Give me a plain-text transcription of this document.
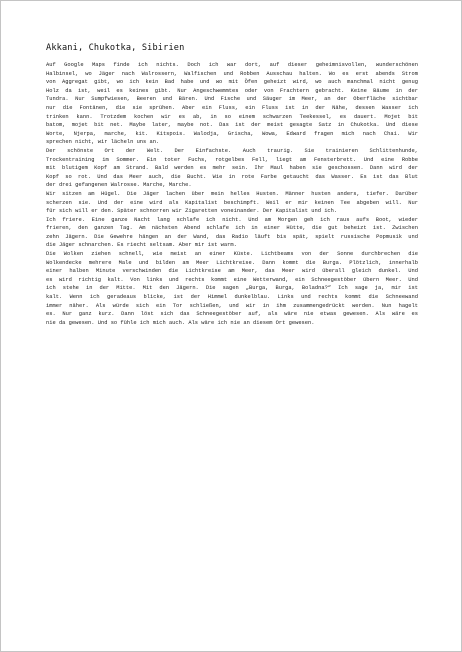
Akkani, Chukotka, Sibirien
Auf Google Maps finde ich nichts. Doch ich war dort, auf dieser geheimnisvollen, wunderschönen
Halbinsel, wo Jäger nach Walrossern, Walfischen und Robben Ausschau halten. Wo es erst abends Strom
von Aggregat gibt, wo ich kein Bad habe und wo mit Öfen geheizt wird, wo auch manchmal nicht genug
Holz da ist, weil es keines gibt. Nur Angeschwemmtes oder von Frachtern gebracht. Keine Bäume in der
Tundra. Nur Sumpfwiesen, Beeren und Bären. Und Fische und Säuger im Meer, an der Oberfläche sichtbar
nur die Fontänen, die sie sprühen. Aber ein Fluss, ein Fluss ist in der Nähe, dessen Wasser ich
trinken kann. Trotzdem kochen wir es ab, in so einem schwarzen Teekessel, es dauert. Mojet bit
batom, mojet bit net. Maybe later, maybe not. Das ist der meist gesagte Satz in Chukotka. Und diese
Worte, Njerpa, marche, kit. Kitspois. Walodja, Grischa, Wowa, Edward fragen mich nach Chai. Wir
sprechen nicht, wir lächeln uns an.
Der schönste Ort der Welt. Der Einfachste. Auch traurig. Sie trainieren Schlittenhunde,
Trockentraining im Sommer. Ein toter Fuchs, rotgelbes Fell, liegt am Fensterbrett. Und eine Robbe
mit blutigem Kopf am Strand. Bald werden es mehr sein. Ihr Maul haben sie geschossen. Dann wird der
Kopf so rot. Und das Meer auch, die Bucht. Wie in rote Farbe getaucht das Wasser. Es ist das Blut
der drei gefangenen Walrosse. Marche, Marche.
Wir sitzen am Hügel. Die Jäger lachen über mein helles Husten. Männer husten anders, tiefer. Darüber
scherzen sie. Und der eine wird als Kapitalist beschimpft. Weil er mir keinen Tee abgeben will. Nur
für sich will er den. Später schnorren wir Zigaretten voneinander. Der Kapitalist und ich.
Ich friere. Eine ganze Nacht lang schlafe ich nicht. Und am Morgen geh ich raus aufs Boot, wieder
frieren, den ganzen Tag. Am nächsten Abend schlafe ich in einer Hütte, die gut beheizt ist. Zwischen
zehn Jägern. Die Gewehre hängen an der Wand, das Radio läuft bis spät, spielt russische Popmusik und
die Jäger schnarchen. Es riecht seltsam. Aber mir ist warm.
Die Wolken ziehen schnell, wie meist an einer Küste. Lichtbeams von der Sonne durchbrechen die
Wolkendecke mehrere Male und bilden am Meer Lichtkreise. Dann kommt die Burga. Plötzlich, innerhalb
einer halben Minute verschwinden die Lichtkreise am Meer, das Meer wird überall gleich dunkel. Und
es wird richtig kalt. Von links und rechts kommt eine Wetterwand, ein Schneegestöber übern Meer. Und
ich stehe in der Mitte. Mit den Jägern. Die sagen „Burga, Burga, Boladna?“ Ich sage ja, mir ist
kalt. Wenn ich geradeaus blicke, ist der Himmel dunkelblau. Links und rechts kommt die Schneewand
immer näher. Als würde sich ein Tor schließen, und wir in ihm zusammengedrückt werden. Nun hagelt
es. Nur ganz kurz. Dann löst sich das Schneegestöber auf, als wäre nie etwas gewesen. Als wäre es
nie da gewesen. Und so fühle ich mich auch. Als wäre ich nie an diesem Ort gewesen.
